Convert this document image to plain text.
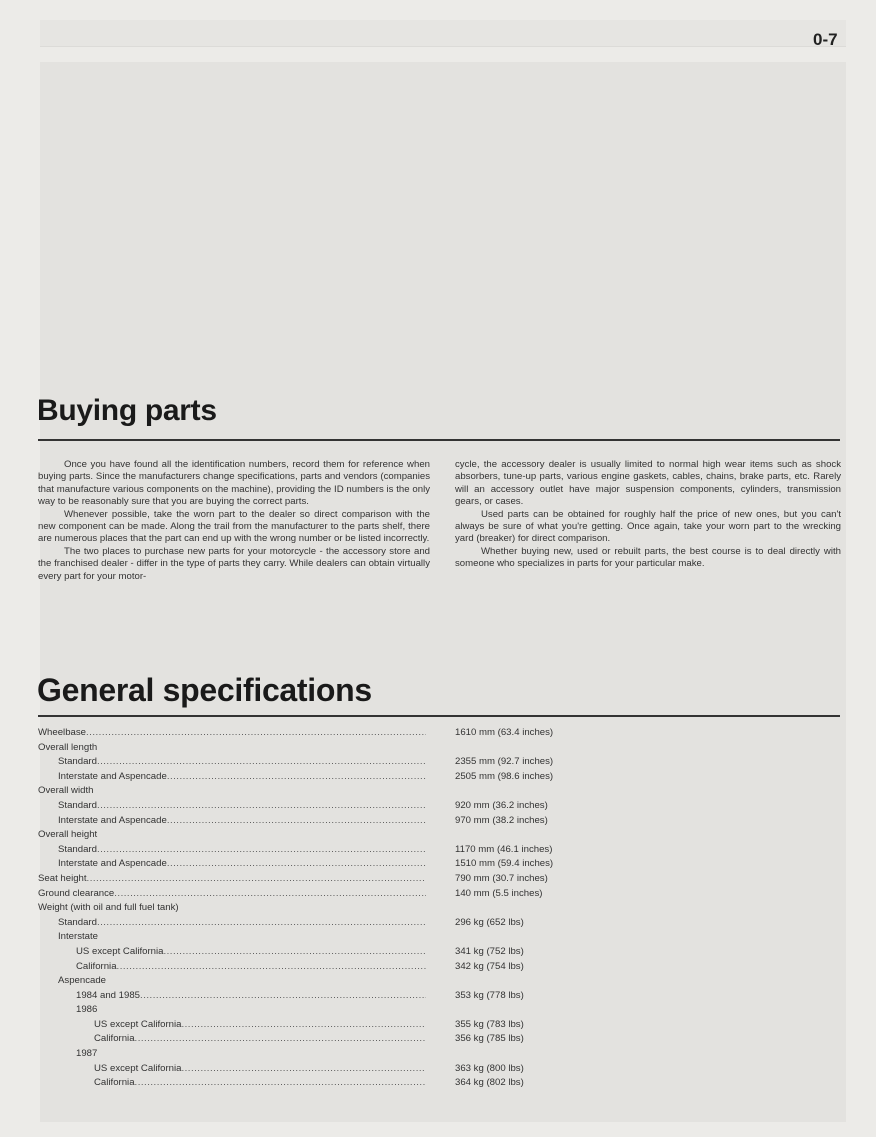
0-7
Buying parts

Once you have found all the identification numbers, record them for reference when buying parts. Since the manufacturers change specifications, parts and vendors (companies that manufacture various components on the machine), providing the ID numbers is the only way to be reasonably sure that you are buying the correct parts.

Whenever possible, take the worn part to the dealer so direct comparison with the new component can be made. Along the trail from the manufacturer to the parts shelf, there are numerous places that the part can end up with the wrong number or be listed incorrectly.

The two places to purchase new parts for your motorcycle - the accessory store and the franchised dealer - differ in the type of parts they carry. While dealers can obtain virtually every part for your motor-

cycle, the accessory dealer is usually limited to normal high wear items such as shock absorbers, tune-up parts, various engine gaskets, cables, chains, brake parts, etc. Rarely will an accessory outlet have major suspension components, cylinders, transmission gears, or cases.

Used parts can be obtained for roughly half the price of new ones, but you can't always be sure of what you're getting. Once again, take your worn part to the wrecking yard (breaker) for direct comparison.

Whether buying new, used or rebuilt parts, the best course is to deal directly with someone who specializes in parts for your particular make.

General specifications
Wheelbase .....	1610 mm (63.4 inches)
Overall length
Standard .....	2355 mm (92.7 inches)
Interstate and Aspencade .....	2505 mm (98.6 inches)
Overall width
Standard .....	920 mm (36.2 inches)
Interstate and Aspencade .....	970 mm (38.2 inches)
Overall height
Standard .....	1170 mm (46.1 inches)
Interstate and Aspencade .....	1510 mm (59.4 inches)
Seat height .....	790 mm (30.7 inches)
Ground clearance .....	140 mm (5.5 inches)
Weight (with oil and full fuel tank)
Standard .....	296 kg (652 lbs)
Interstate
US except California .....	341 kg (752 lbs)
California .....	342 kg (754 lbs)
Aspencade
1984 and 1985 .....	353 kg (778 lbs)
1986
US except California .....	355 kg (783 lbs)
California .....	356 kg (785 lbs)
1987
US except California .....	363 kg (800 lbs)
California .....	364 kg (802 lbs)
